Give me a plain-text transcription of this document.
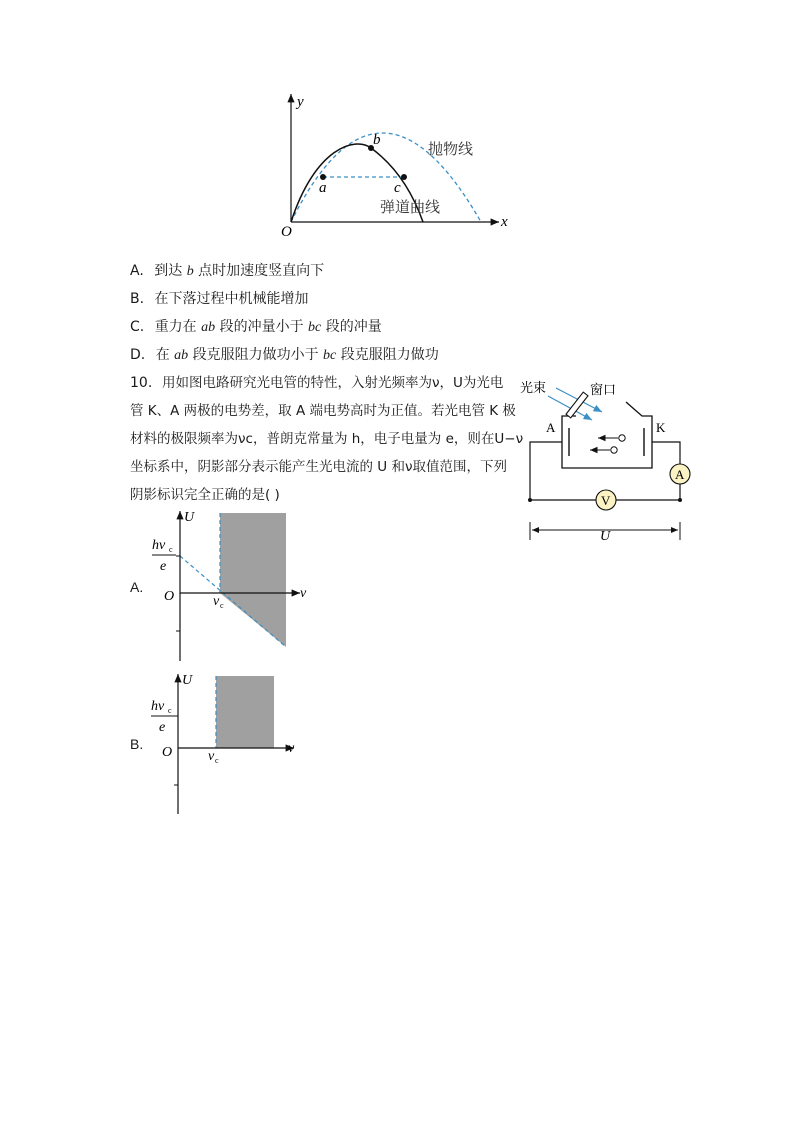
y
x
O
a
b
c
抛物线
弹道曲线
A. 到达 b 点时加速度竖直向下
B. 在下落过程中机械能增加
C. 重力在 ab 段的冲量小于 bc 段的冲量
D. 在 ab 段克服阻力做功小于 bc 段克服阻力做功
10. 用如图电路研究光电管的特性，入射光频率为ν，U为光电
管 K、A 两极的电势差，取 A 端电势高时为正值。若光电管 K 极
材料的极限频率为νc，普朗克常量为 h，电子电量为 e，则在U−ν
坐标系中，阴影部分表示能产生光电流的 U 和ν取值范围，下列
阴影标识完全正确的是( )
光束	窗口
A	K
A
V
U
A.
U
ν
O
hν c
e
ν c
B.
U
ν
O
hν c
e
ν c
